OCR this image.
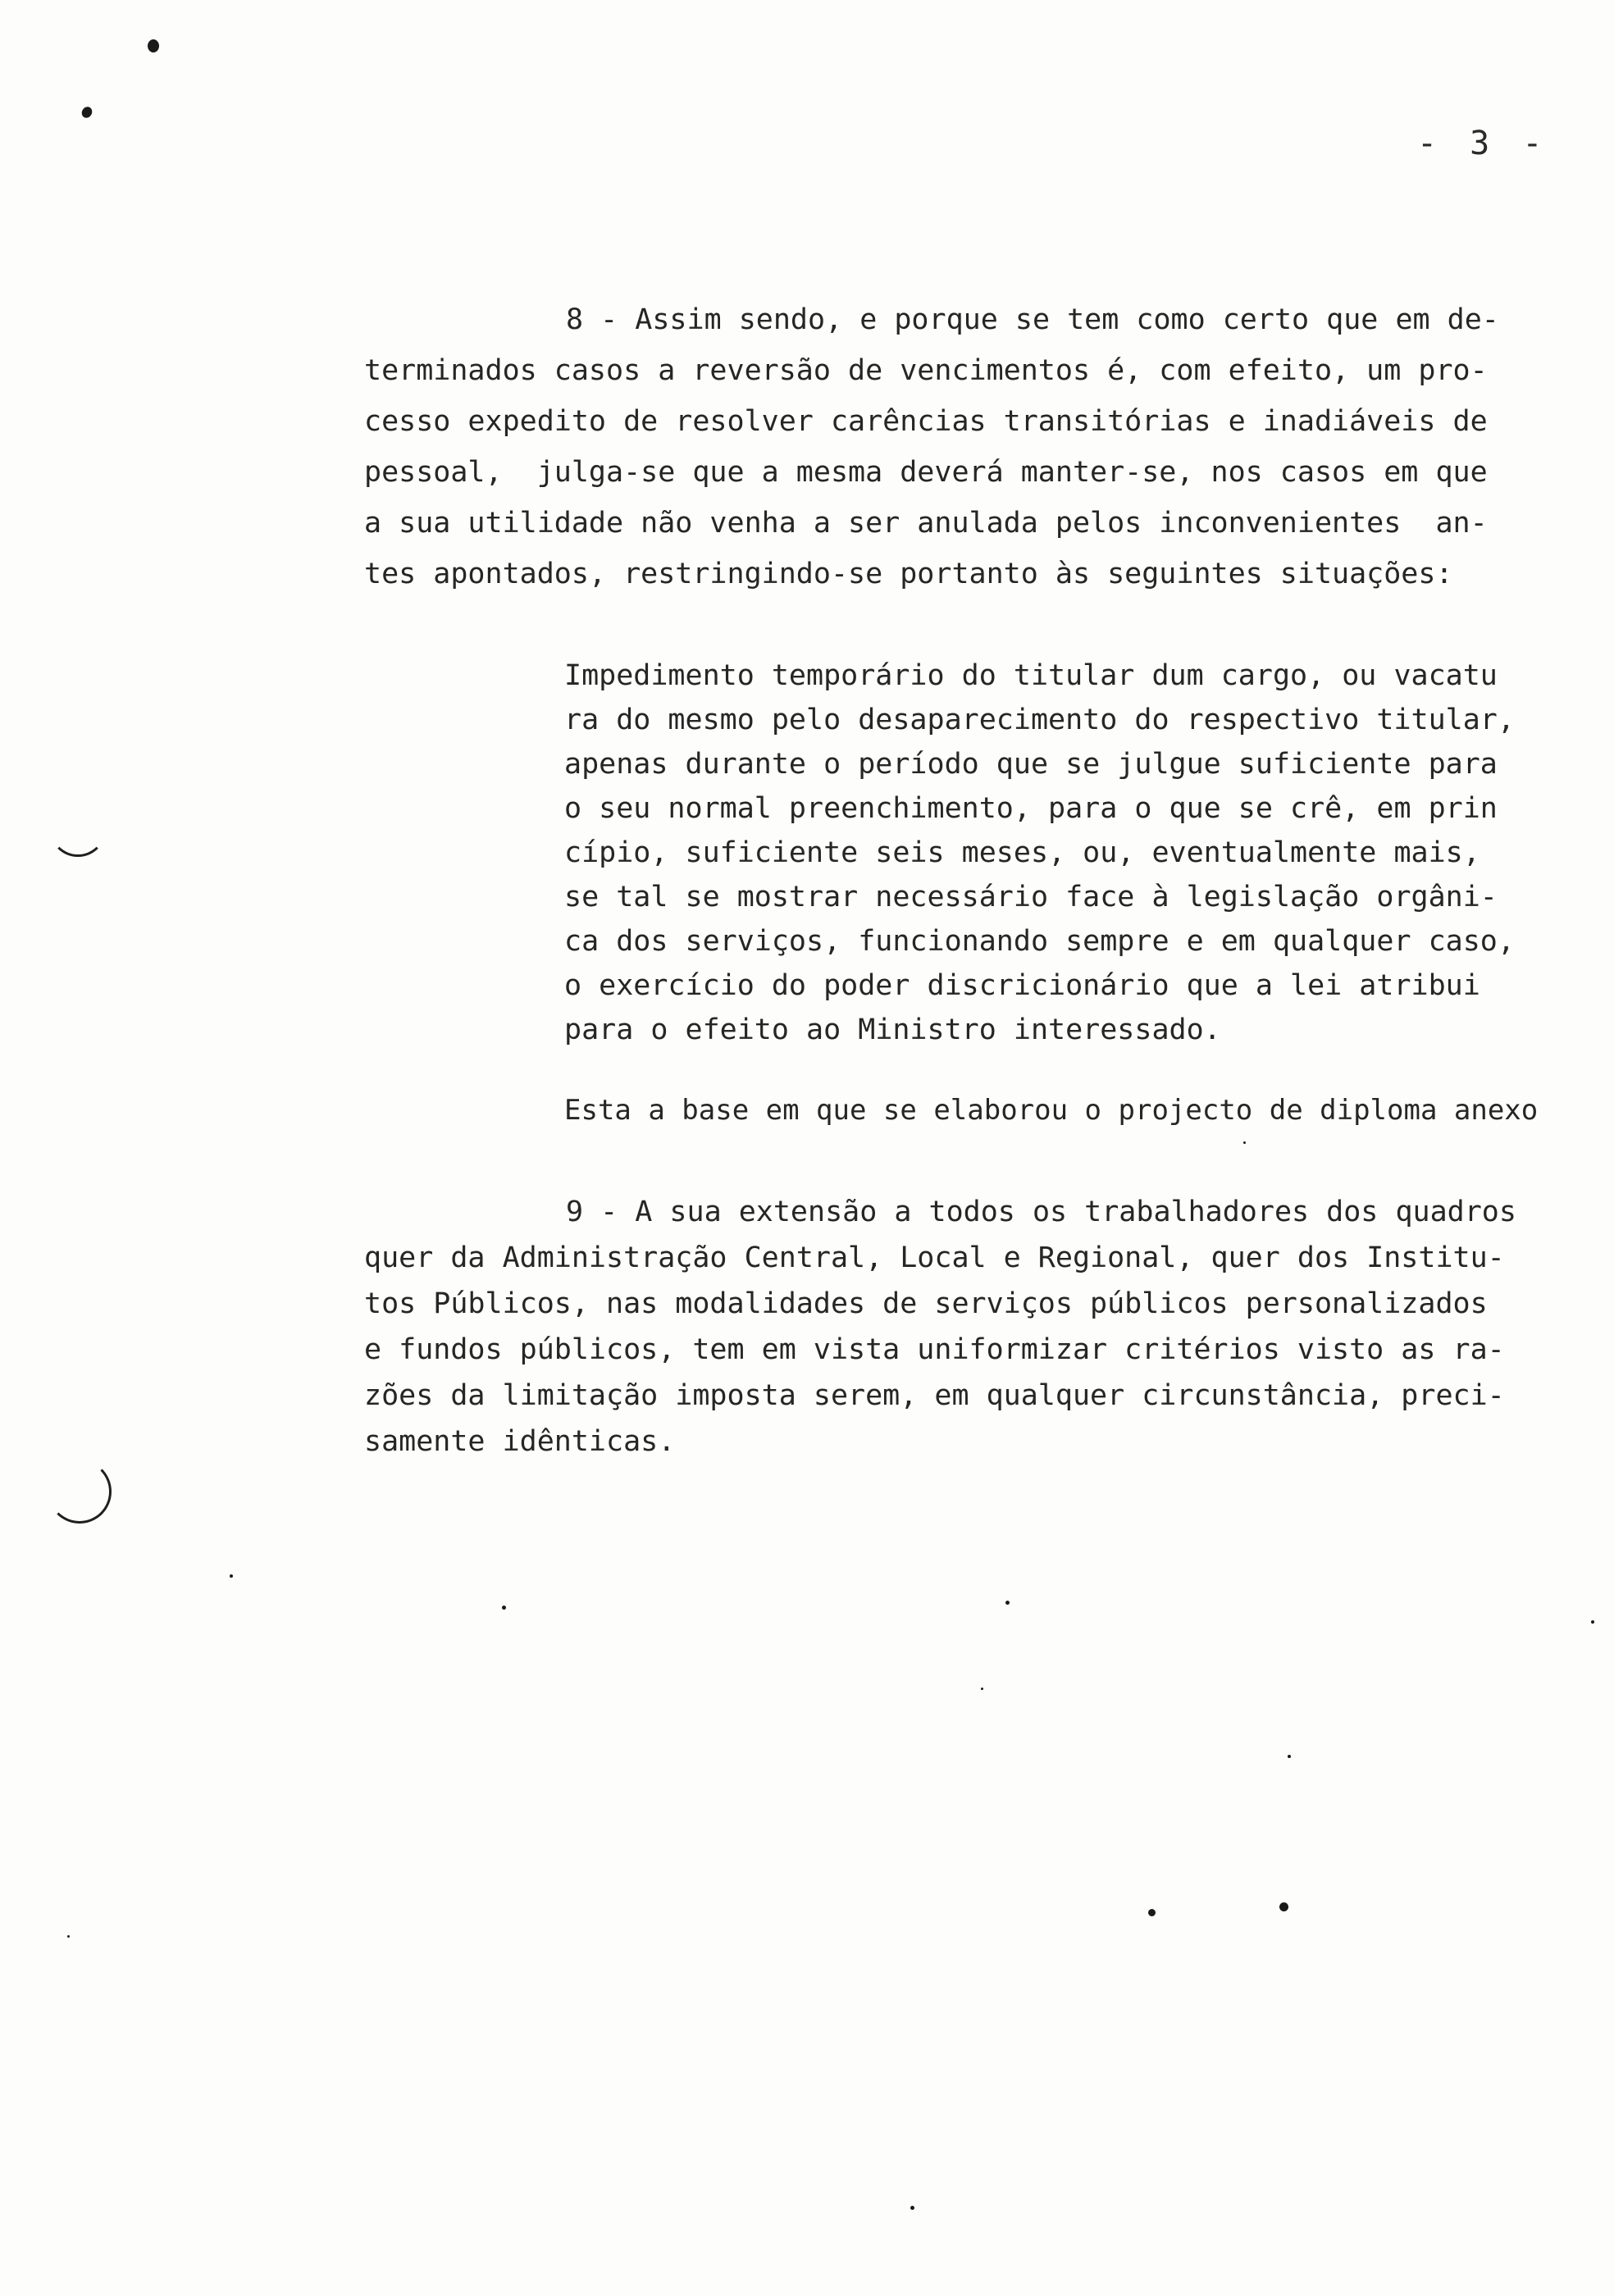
- 3 -
8 - Assim sendo, e porque se tem como certo que em de-
terminados casos a reversão de vencimentos é, com efeito, um pro-
cesso expedito de resolver carências transitórias e inadiáveis de
pessoal,  julga-se que a mesma deverá manter-se, nos casos em que
a sua utilidade não venha a ser anulada pelos inconvenientes  an-
tes apontados, restringindo-se portanto às seguintes situações:
Impedimento temporário do titular dum cargo, ou vacatu
ra do mesmo pelo desaparecimento do respectivo titular,
apenas durante o período que se julgue suficiente para
o seu normal preenchimento, para o que se crê, em prin
cípio, suficiente seis meses, ou, eventualmente mais,
se tal se mostrar necessário face à legislação orgâni-
ca dos serviços, funcionando sempre e em qualquer caso,
o exercício do poder discricionário que a lei atribui
para o efeito ao Ministro interessado.
Esta a base em que se elaborou o projecto de diploma anexo
9 - A sua extensão a todos os trabalhadores dos quadros
quer da Administração Central, Local e Regional, quer dos Institu-
tos Públicos, nas modalidades de serviços públicos personalizados
e fundos públicos, tem em vista uniformizar critérios visto as ra-
zões da limitação imposta serem, em qualquer circunstância, preci-
samente idênticas.
